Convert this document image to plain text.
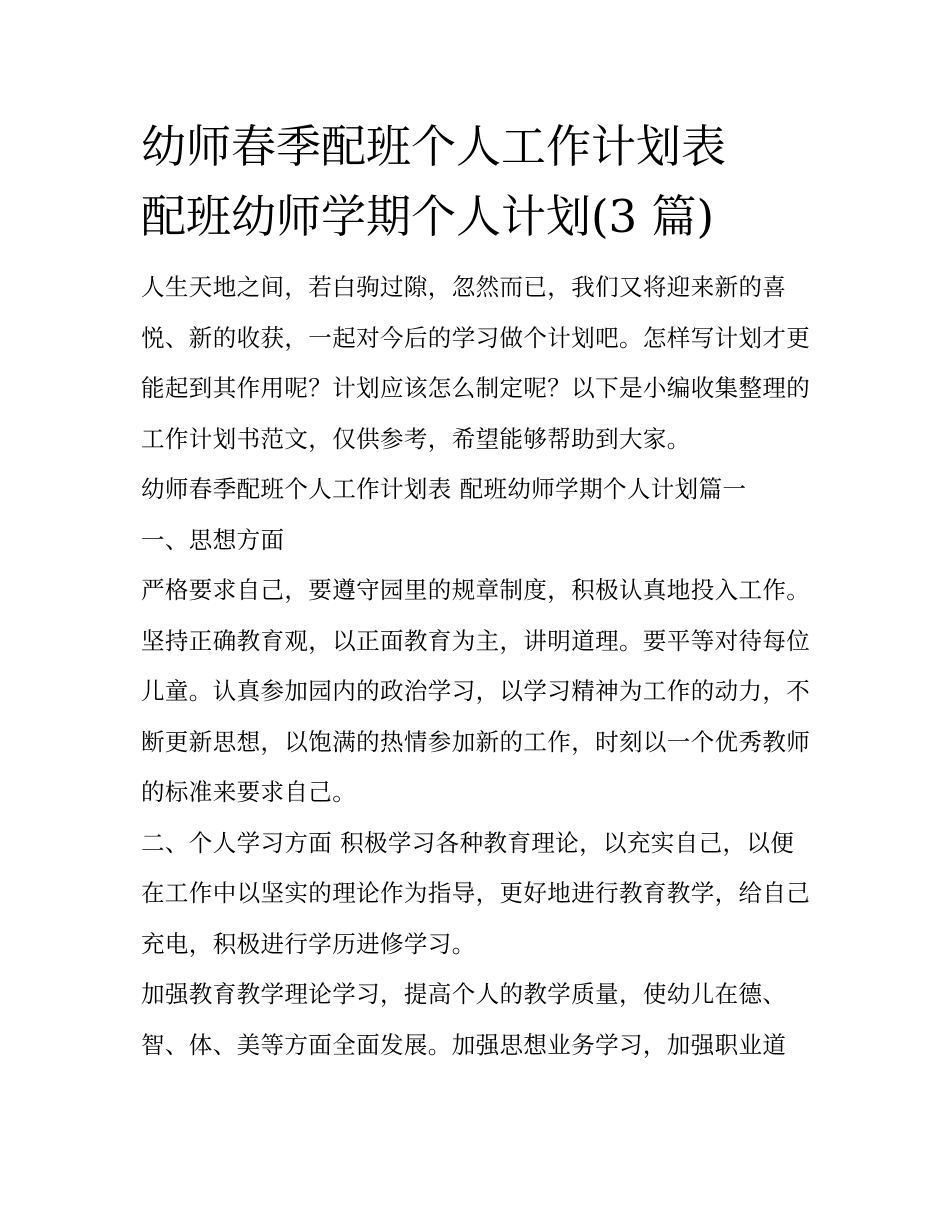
幼师春季配班个人工作计划表
配班幼师学期个人计划(3 篇)

人生天地之间，若白驹过隙，忽然而已，我们又将迎来新的喜悦、新的收获，一起对今后的学习做个计划吧。怎样写计划才更能起到其作用呢？计划应该怎么制定呢？以下是小编收集整理的工作计划书范文，仅供参考，希望能够帮助到大家。

幼师春季配班个人工作计划表 配班幼师学期个人计划篇一

一、思想方面

严格要求自己，要遵守园里的规章制度，积极认真地投入工作。坚持正确教育观，以正面教育为主，讲明道理。要平等对待每位儿童。认真参加园内的政治学习，以学习精神为工作的动力，不断更新思想，以饱满的热情参加新的工作，时刻以一个优秀教师的标准来要求自己。

二、个人学习方面 积极学习各种教育理论，以充实自己，以便在工作中以坚实的理论作为指导，更好地进行教育教学，给自己充电，积极进行学历进修学习。

加强教育教学理论学习，提高个人的教学质量，使幼儿在德、智、体、美等方面全面发展。加强思想业务学习，加强职业道
